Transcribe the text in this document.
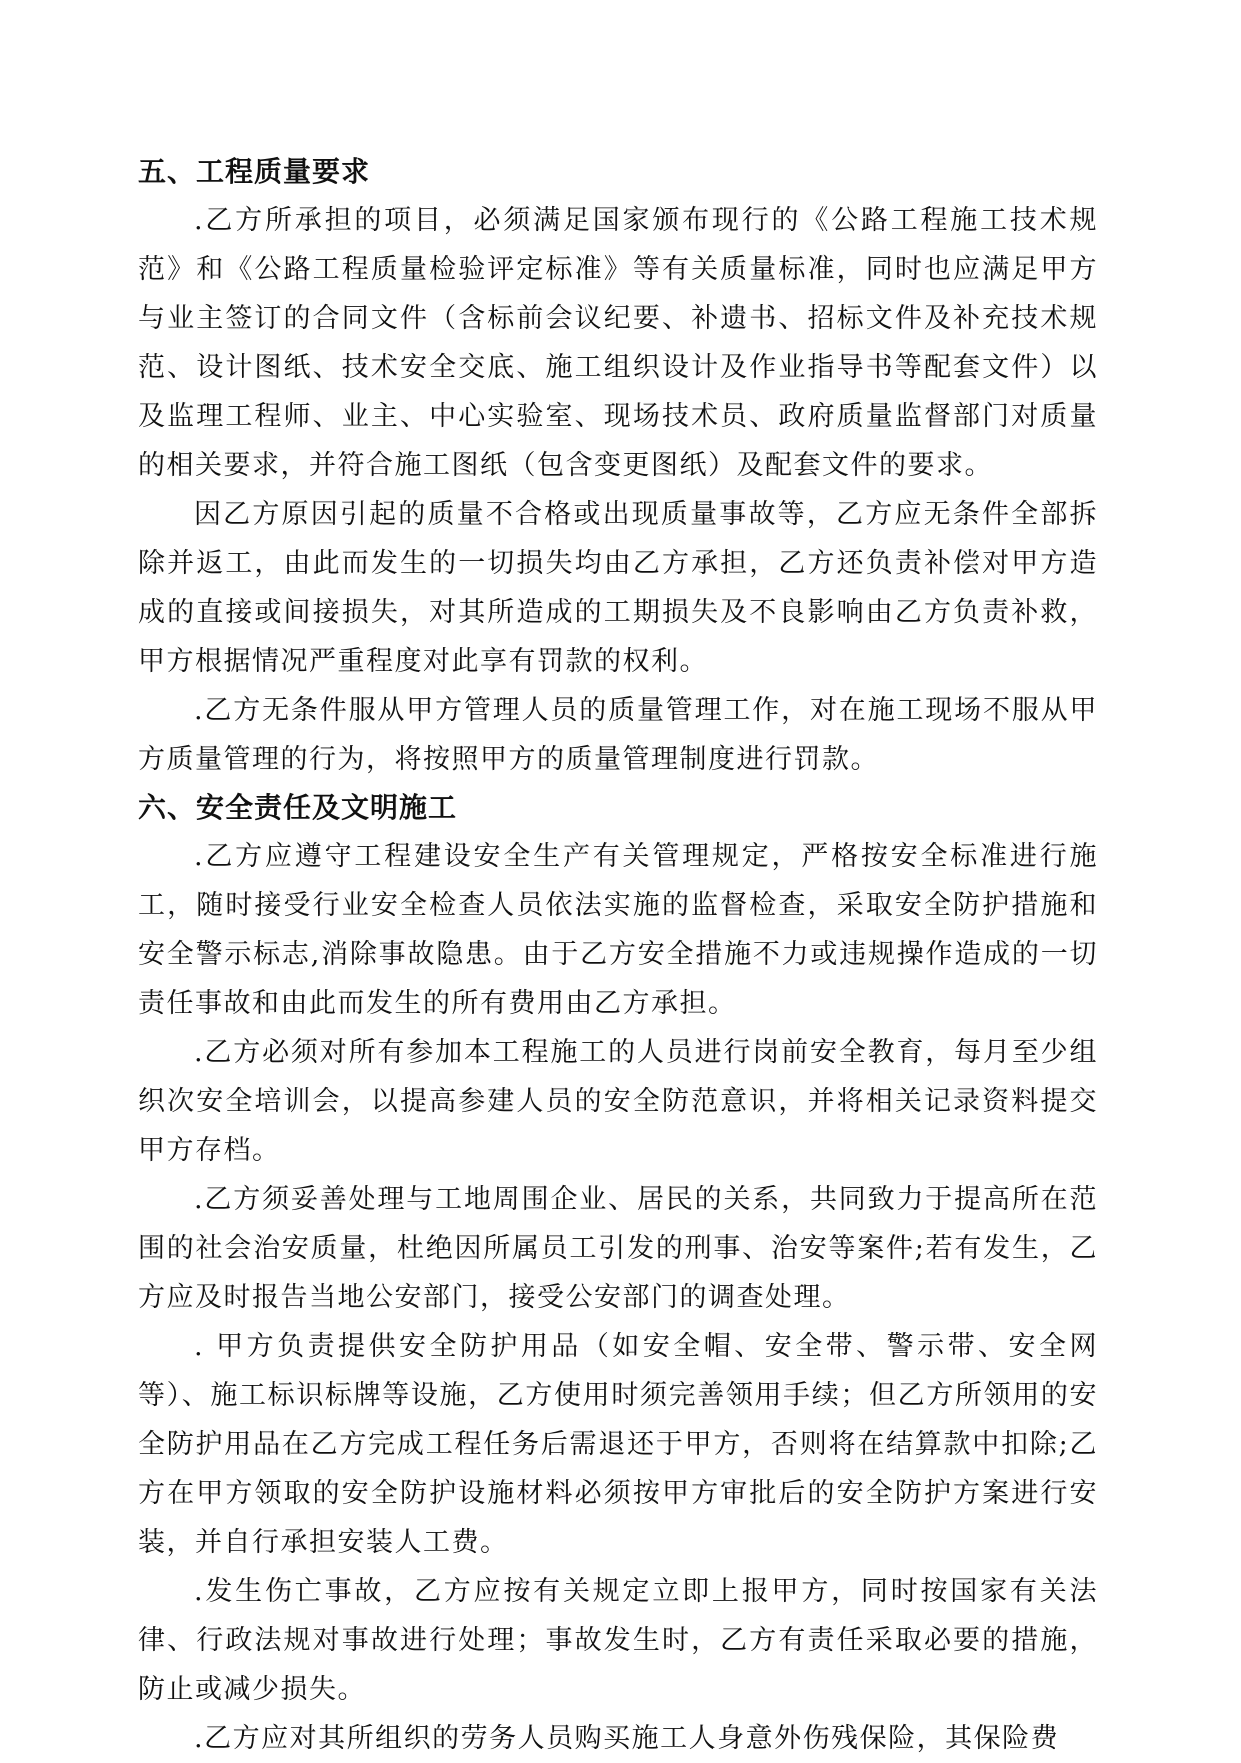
五、工程质量要求

.乙方所承担的项目，必须满足国家颁布现行的《公路工程施工技术规范》和《公路工程质量检验评定标准》等有关质量标准，同时也应满足甲方与业主签订的合同文件（含标前会议纪要、补遗书、招标文件及补充技术规范、设计图纸、技术安全交底、施工组织设计及作业指导书等配套文件）以及监理工程师、业主、中心实验室、现场技术员、政府质量监督部门对质量的相关要求，并符合施工图纸（包含变更图纸）及配套文件的要求。

因乙方原因引起的质量不合格或出现质量事故等，乙方应无条件全部拆除并返工，由此而发生的一切损失均由乙方承担，乙方还负责补偿对甲方造成的直接或间接损失，对其所造成的工期损失及不良影响由乙方负责补救，甲方根据情况严重程度对此享有罚款的权利。

.乙方无条件服从甲方管理人员的质量管理工作，对在施工现场不服从甲方质量管理的行为，将按照甲方的质量管理制度进行罚款。

六、安全责任及文明施工

.乙方应遵守工程建设安全生产有关管理规定，严格按安全标准进行施工，随时接受行业安全检查人员依法实施的监督检查，采取安全防护措施和安全警示标志,消除事故隐患。由于乙方安全措施不力或违规操作造成的一切责任事故和由此而发生的所有费用由乙方承担。

.乙方必须对所有参加本工程施工的人员进行岗前安全教育，每月至少组织次安全培训会，以提高参建人员的安全防范意识，并将相关记录资料提交甲方存档。

.乙方须妥善处理与工地周围企业、居民的关系，共同致力于提高所在范围的社会治安质量，杜绝因所属员工引发的刑事、治安等案件;若有发生，乙方应及时报告当地公安部门，接受公安部门的调查处理。

. 甲方负责提供安全防护用品（如安全帽、安全带、警示带、安全网等）、施工标识标牌等设施，乙方使用时须完善领用手续；但乙方所领用的安全防护用品在乙方完成工程任务后需退还于甲方，否则将在结算款中扣除;乙方在甲方领取的安全防护设施材料必须按甲方审批后的安全防护方案进行安装，并自行承担安装人工费。

.发生伤亡事故，乙方应按有关规定立即上报甲方，同时按国家有关法律、行政法规对事故进行处理；事故发生时，乙方有责任采取必要的措施，防止或减少损失。

.乙方应对其所组织的劳务人员购买施工人身意外伤残保险，其保险费
